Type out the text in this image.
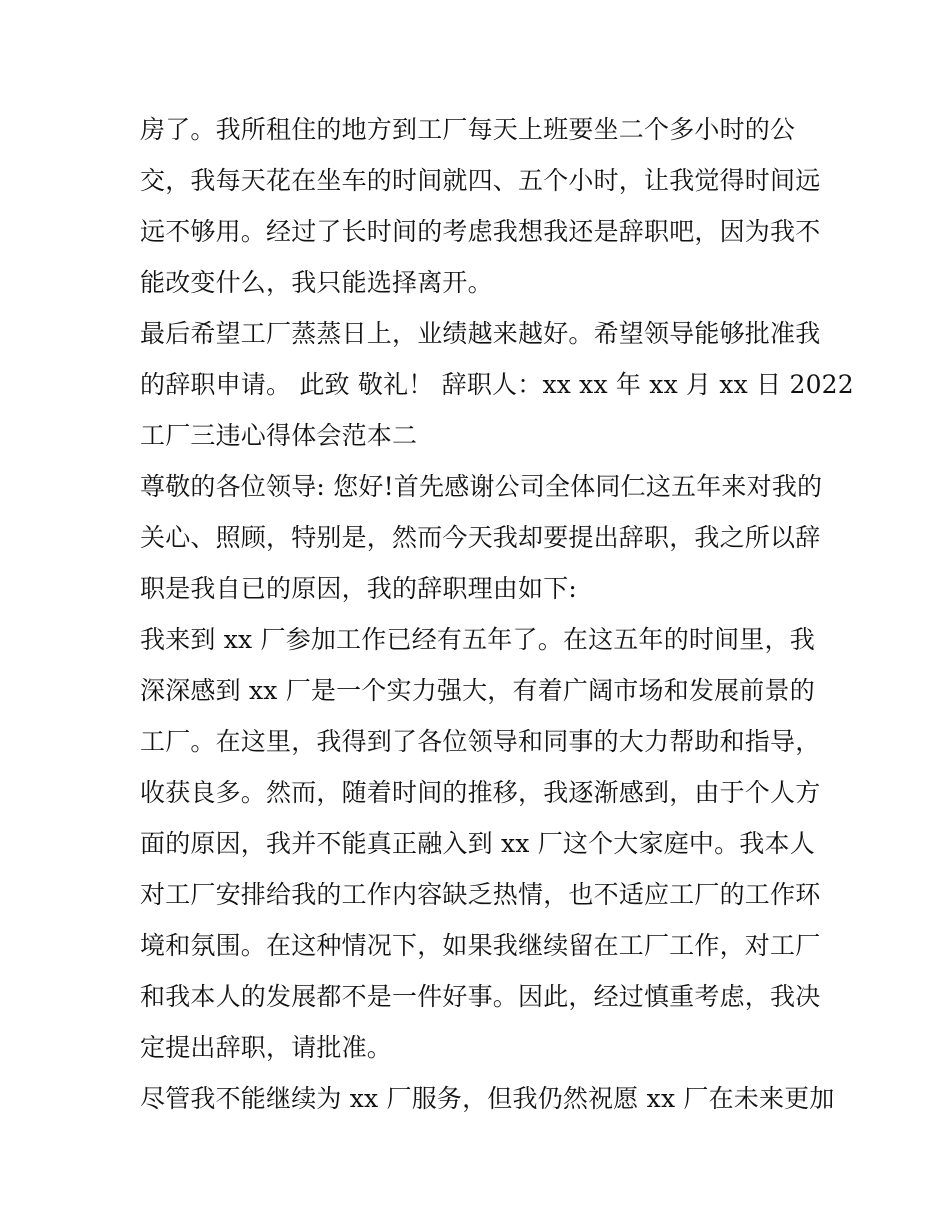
房了。我所租住的地方到工厂每天上班要坐二个多小时的公
交，我每天花在坐车的时间就四、五个小时，让我觉得时间远
远不够用。经过了长时间的考虑我想我还是辞职吧，因为我不
能改变什么，我只能选择离开。
最后希望工厂蒸蒸日上，业绩越来越好。希望领导能够批准我
的辞职申请。 此致 敬礼！ 辞职人：xx xx 年 xx 月 xx 日 2022
工厂三违心得体会范本二
尊敬的各位领导: 您好!首先感谢公司全体同仁这五年来对我的
关心、照顾，特别是，然而今天我却要提出辞职，我之所以辞
职是我自已的原因，我的辞职理由如下:
我来到 xx 厂参加工作已经有五年了。在这五年的时间里，我
深深感到 xx 厂是一个实力强大，有着广阔市场和发展前景的
工厂。在这里，我得到了各位领导和同事的大力帮助和指导，
收获良多。然而，随着时间的推移，我逐渐感到，由于个人方
面的原因，我并不能真正融入到 xx 厂这个大家庭中。我本人
对工厂安排给我的工作内容缺乏热情，也不适应工厂的工作环
境和氛围。在这种情况下，如果我继续留在工厂工作，对工厂
和我本人的发展都不是一件好事。因此，经过慎重考虑，我决
定提出辞职，请批准。
尽管我不能继续为 xx 厂服务，但我仍然祝愿 xx 厂在未来更加
